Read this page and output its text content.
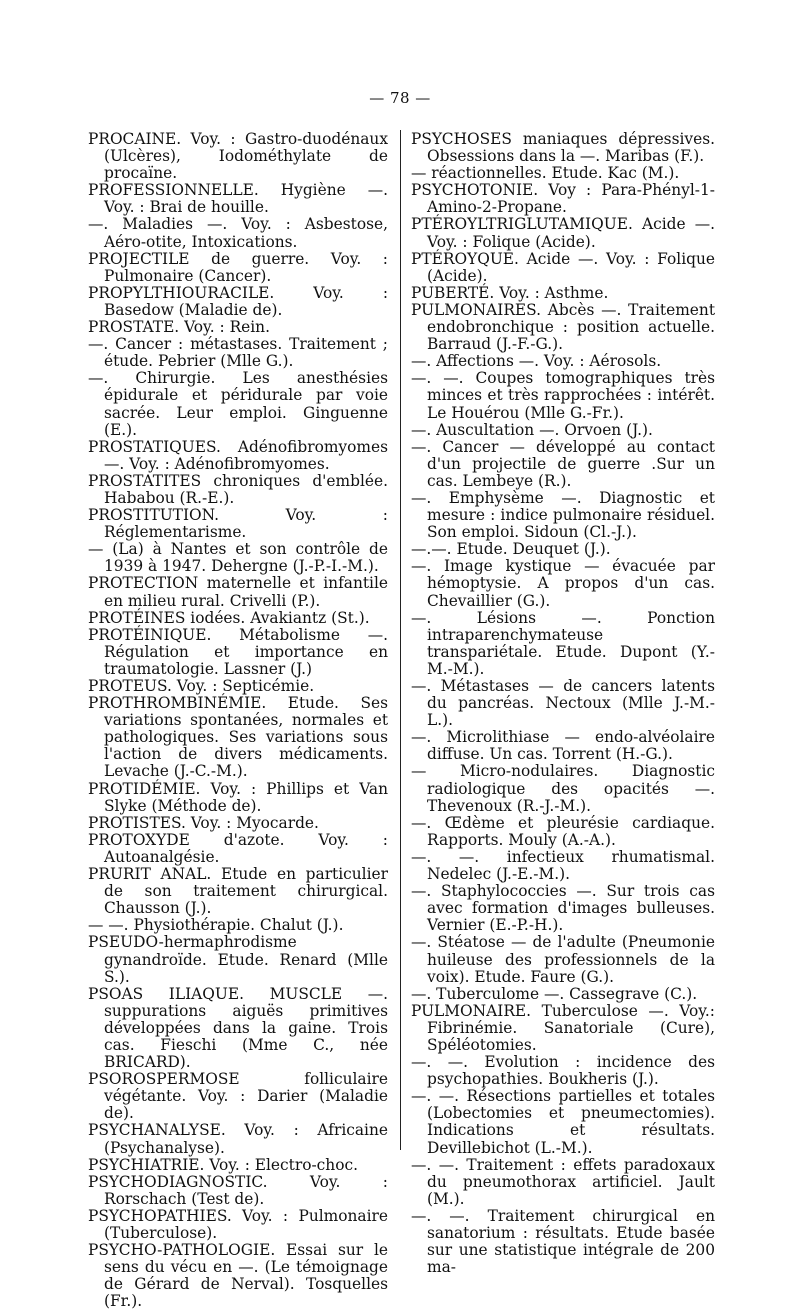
— 78 —
PROCAINE. Voy. : Gastro-duodénaux (Ulcères), Iodométhylate de procaïne.
PROFESSIONNELLE. Hygiène —. Voy. : Brai de houille.
—. Maladies —. Voy. : Asbestose, Aéro-otite, Intoxications.
PROJECTILE de guerre. Voy. : Pulmonaire (Cancer).
PROPYLTHIOURACILE. Voy. : Basedow (Maladie de).
PROSTATE. Voy. : Rein.
—. Cancer : métastases. Traitement ; étude. Pebrier (Mlle G.).
—. Chirurgie. Les anesthésies épidurale et péridurale par voie sacrée. Leur emploi. Ginguenne (E.).
PROSTATIQUES. Adénofibromyomes —. Voy. : Adénofibromyomes.
PROSTATITES chroniques d'emblée. Hababou (R.-E.).
PROSTITUTION. Voy. : Réglementarisme.
— (La) à Nantes et son contrôle de 1939 à 1947. Dehergne (J.-P.-I.-M.).
PROTECTION maternelle et infantile en milieu rural. Crivelli (P.).
PROTÉINES iodées. Avakiantz (St.).
PROTÉINIQUE. Métabolisme —. Régulation et importance en traumatologie. Lassner (J.)
PROTEUS. Voy. : Septicémie.
PROTHROMBINÉMIE. Etude. Ses variations spontanées, normales et pathologiques. Ses variations sous l'action de divers médicaments. Levache (J.-C.-M.).
PROTIDÉMIE. Voy. : Phillips et Van Slyke (Méthode de).
PROTISTES. Voy. : Myocarde.
PROTOXYDE d'azote. Voy. : Autoanalgésie.
PRURIT ANAL. Etude en particulier de son traitement chirurgical. Chausson (J.).
— —. Physiothérapie. Chalut (J.).
PSEUDO-hermaphrodisme gynandroïde. Etude. Renard (Mlle S.).
PSOAS ILIAQUE. MUSCLE —. suppurations aiguës primitives développées dans la gaine. Trois cas. Fieschi (Mme C., née BRICARD).
PSOROSPERMOSE folliculaire végétante. Voy. : Darier (Maladie de).
PSYCHANALYSE. Voy. : Africaine (Psychanalyse).
PSYCHIATRIE. Voy. : Electro-choc.
PSYCHODIAGNOSTIC. Voy. : Rorschach (Test de).
PSYCHOPATHIES. Voy. : Pulmonaire (Tuberculose).
PSYCHO-PATHOLOGIE. Essai sur le sens du vécu en —. (Le témoignage de Gérard de Nerval). Tosquelles (Fr.).
PSYCHOSES maniaques dépressives. Obsessions dans la —. Maribas (F.).
— réactionnelles. Etude. Kac (M.).
PSYCHOTONIE. Voy : Para-Phényl-1-Amino-2-Propane.
PTÉROYLTRIGLUTAMIQUE. Acide —. Voy. : Folique (Acide).
PTÉROYQUE. Acide —. Voy. : Folique (Acide).
PUBERTÉ. Voy. : Asthme.
PULMONAIRES. Abcès —. Traitement endobronchique : position actuelle. Barraud (J.-F.-G.).
—. Affections —. Voy. : Aérosols.
—. —. Coupes tomographiques très minces et très rapprochées : intérêt. Le Houérou (Mlle G.-Fr.).
—. Auscultation —. Orvoen (J.).
—. Cancer — développé au contact d'un projectile de guerre .Sur un cas. Lembeye (R.).
—. Emphysème —. Diagnostic et mesure : indice pulmonaire résiduel. Son emploi. Sidoun (Cl.-J.).
—.—. Etude. Deuquet (J.).
—. Image kystique — évacuée par hémoptysie. A propos d'un cas. Chevaillier (G.).
—. Lésions —. Ponction intraparenchymateuse transpariétale. Etude. Dupont (Y.-M.-M.).
—. Métastases — de cancers latents du pancréas. Nectoux (Mlle J.-M.-L.).
—. Microlithiase — endo-alvéolaire diffuse. Un cas. Torrent (H.-G.).
— Micro-nodulaires. Diagnostic radiologique des opacités —. Thevenoux (R.-J.-M.).
—. Œdème et pleurésie cardiaque. Rapports. Mouly (A.-A.).
—. —. infectieux rhumatismal. Nedelec (J.-E.-M.).
—. Staphylococcies —. Sur trois cas avec formation d'images bulleuses. Vernier (E.-P.-H.).
—. Stéatose — de l'adulte (Pneumonie huileuse des professionnels de la voix). Etude. Faure (G.).
—. Tuberculome —. Cassegrave (C.).
PULMONAIRE. Tuberculose —. Voy.: Fibrinémie. Sanatoriale (Cure), Spéléotomies.
—. —. Evolution : incidence des psychopathies. Boukheris (J.).
—. —. Résections partielles et totales (Lobectomies et pneumectomies). Indications et résultats. Devillebichot (L.-M.).
—. —. Traitement : effets paradoxaux du pneumothorax artificiel. Jault (M.).
—. —. Traitement chirurgical en sanatorium : résultats. Etude basée sur une statistique intégrale de 200 ma-
